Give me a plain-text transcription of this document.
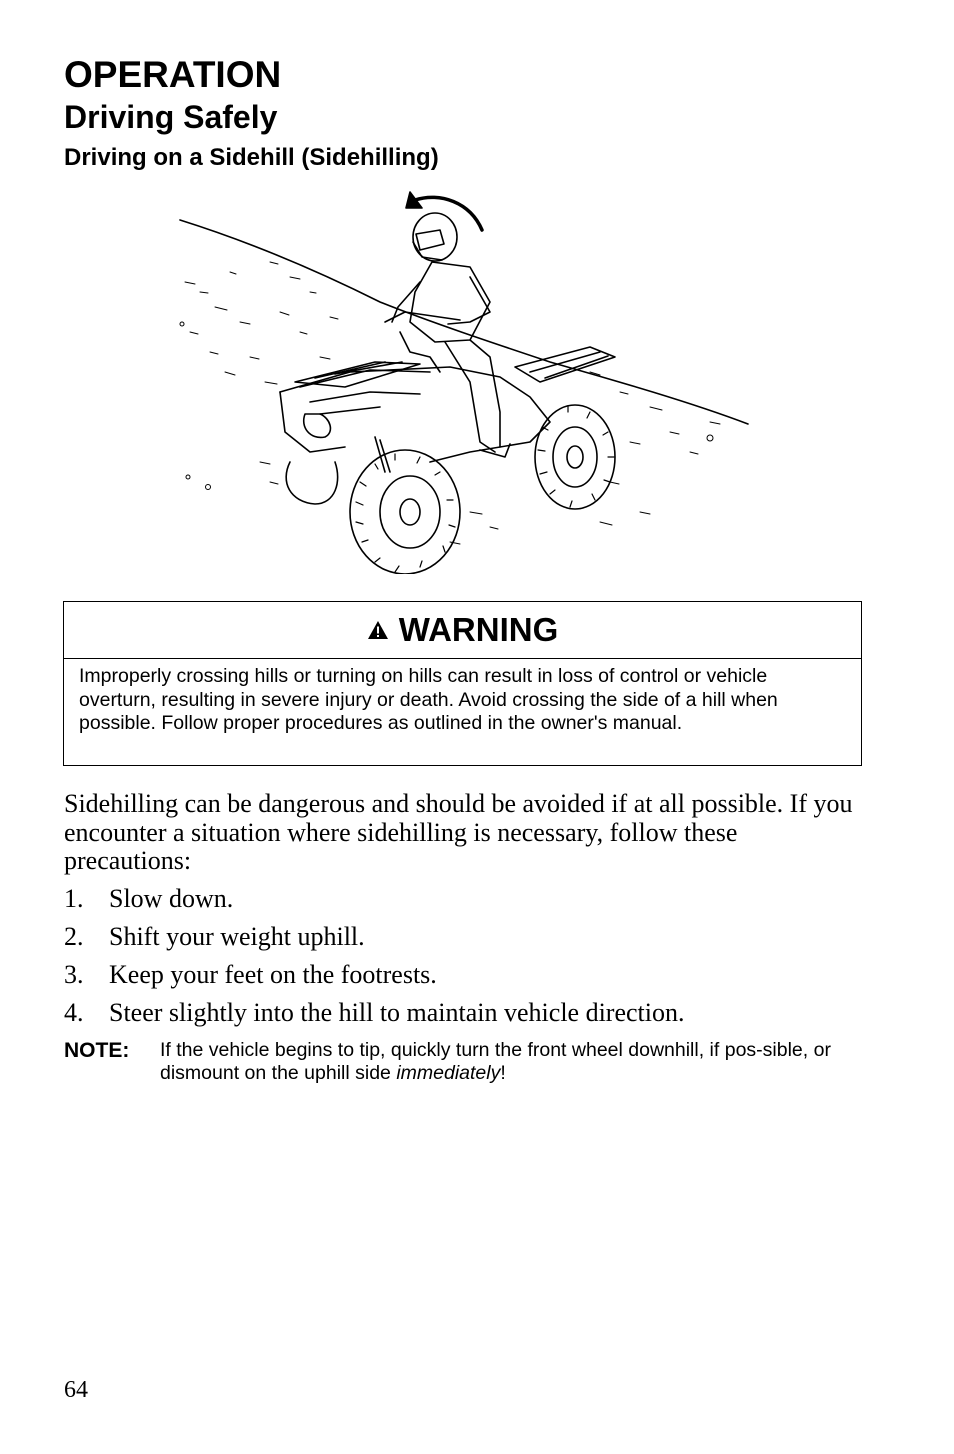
OPERATION
Driving Safely
Driving on a Sidehill (Sidehilling)
WARNING
Improperly crossing hills or turning on hills can result in loss of control or vehicle overturn, resulting in severe injury or death. Avoid crossing the side of a hill when possible. Follow proper procedures as outlined in the owner's manual.

Sidehilling can be dangerous and should be avoided if at all possible. If you encounter a situation where sidehilling is necessary, follow these precautions:

1. Slow down.
2. Shift your weight uphill.
3. Keep your feet on the footrests.
4. Steer slightly into the hill to maintain vehicle direction.
NOTE:	If the vehicle begins to tip, quickly turn the front wheel downhill, if pos-sible, or dismount on the uphill side immediately!
64
